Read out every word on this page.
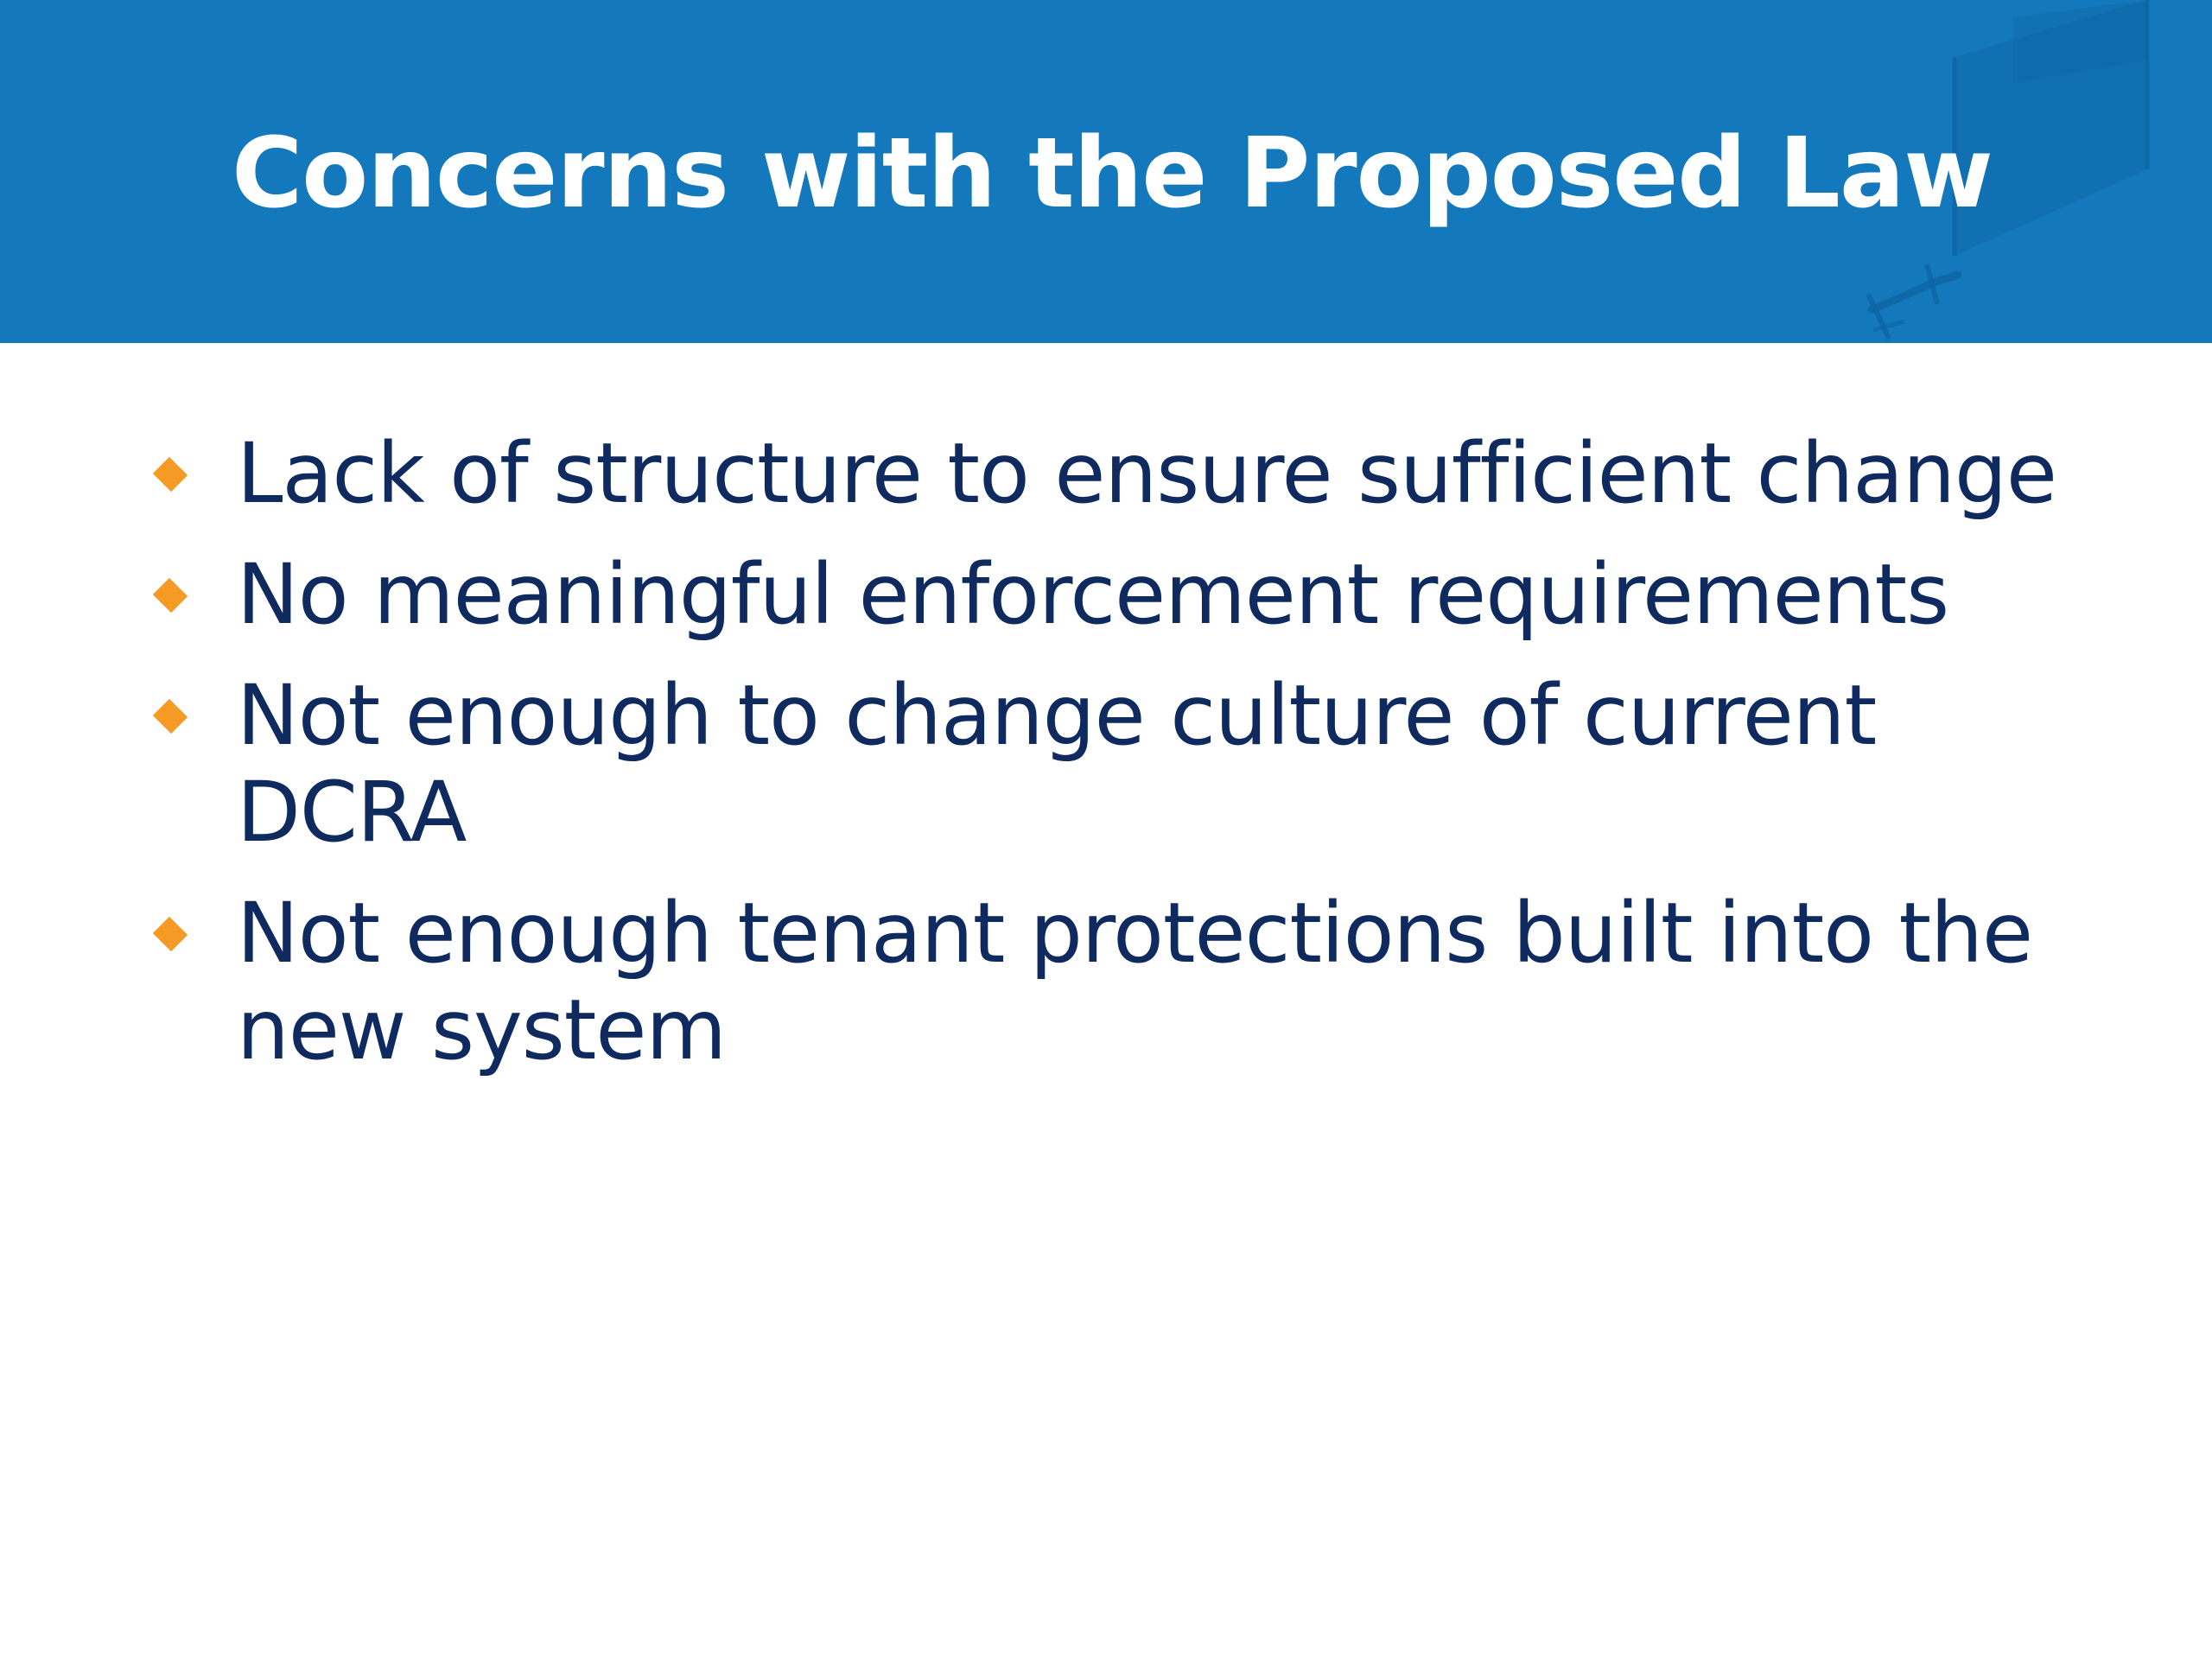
Concerns with the Proposed Law
Lack of structure to ensure sufficient change
No meaningful enforcement requirements
Not enough to change culture of current DCRA
Not enough tenant protections built into the new system
